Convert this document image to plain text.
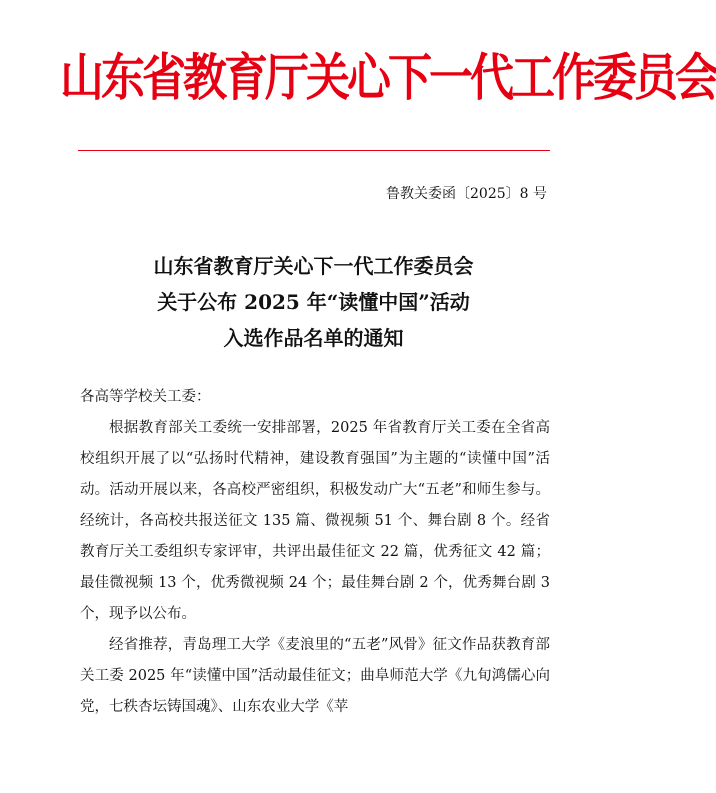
山东省教育厅关心下一代工作委员会
鲁教关委函〔2025〕8 号
山东省教育厅关心下一代工作委员会
关于公布 2025 年“读懂中国”活动
入选作品名单的通知

各高等学校关工委：

根据教育部关工委统一安排部署，2025 年省教育厅关工委在全省高校组织开展了以“弘扬时代精神，建设教育强国”为主题的“读懂中国”活动。活动开展以来，各高校严密组织，积极发动广大“五老”和师生参与。经统计，各高校共报送征文 135 篇、微视频 51 个、舞台剧 8 个。经省教育厅关工委组织专家评审，共评出最佳征文 22 篇，优秀征文 42 篇；最佳微视频 13 个，优秀微视频 24 个；最佳舞台剧 2 个，优秀舞台剧 3 个，现予以公布。

经省推荐，青岛理工大学《麦浪里的“五老”风骨》征文作品获教育部关工委 2025 年“读懂中国”活动最佳征文；曲阜师范大学《九旬鸿儒心向党，七秩杏坛铸国魂》、山东农业大学《苹
